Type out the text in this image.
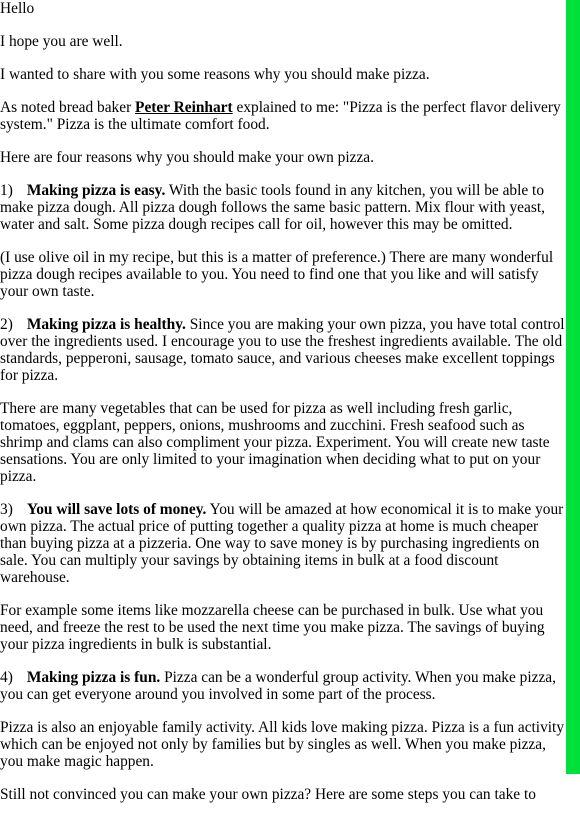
Hello

I hope you are well.

I wanted to share with you some reasons why you should make pizza.

As noted bread baker Peter Reinhart explained to me: "Pizza is the perfect flavor delivery system." Pizza is the ultimate comfort food.

Here are four reasons why you should make your own pizza.

1) Making pizza is easy. With the basic tools found in any kitchen, you will be able to make pizza dough. All pizza dough follows the same basic pattern. Mix flour with yeast, water and salt. Some pizza dough recipes call for oil, however this may be omitted.

(I use olive oil in my recipe, but this is a matter of preference.) There are many wonderful pizza dough recipes available to you. You need to find one that you like and will satisfy your own taste.

2) Making pizza is healthy. Since you are making your own pizza, you have total control over the ingredients used. I encourage you to use the freshest ingredients available. The old standards, pepperoni, sausage, tomato sauce, and various cheeses make excellent toppings for pizza.

There are many vegetables that can be used for pizza as well including fresh garlic, tomatoes, eggplant, peppers, onions, mushrooms and zucchini. Fresh seafood such as shrimp and clams can also compliment your pizza. Experiment. You will create new taste sensations. You are only limited to your imagination when deciding what to put on your pizza.

3) You will save lots of money. You will be amazed at how economical it is to make your own pizza. The actual price of putting together a quality pizza at home is much cheaper than buying pizza at a pizzeria. One way to save money is by purchasing ingredients on sale. You can multiply your savings by obtaining items in bulk at a food discount warehouse.

For example some items like mozzarella cheese can be purchased in bulk. Use what you need, and freeze the rest to be used the next time you make pizza. The savings of buying your pizza ingredients in bulk is substantial.

4) Making pizza is fun. Pizza can be a wonderful group activity. When you make pizza, you can get everyone around you involved in some part of the process.

Pizza is also an enjoyable family activity. All kids love making pizza. Pizza is a fun activity which can be enjoyed not only by families but by singles as well. When you make pizza, you make magic happen.

Still not convinced you can make your own pizza? Here are some steps you can take to
